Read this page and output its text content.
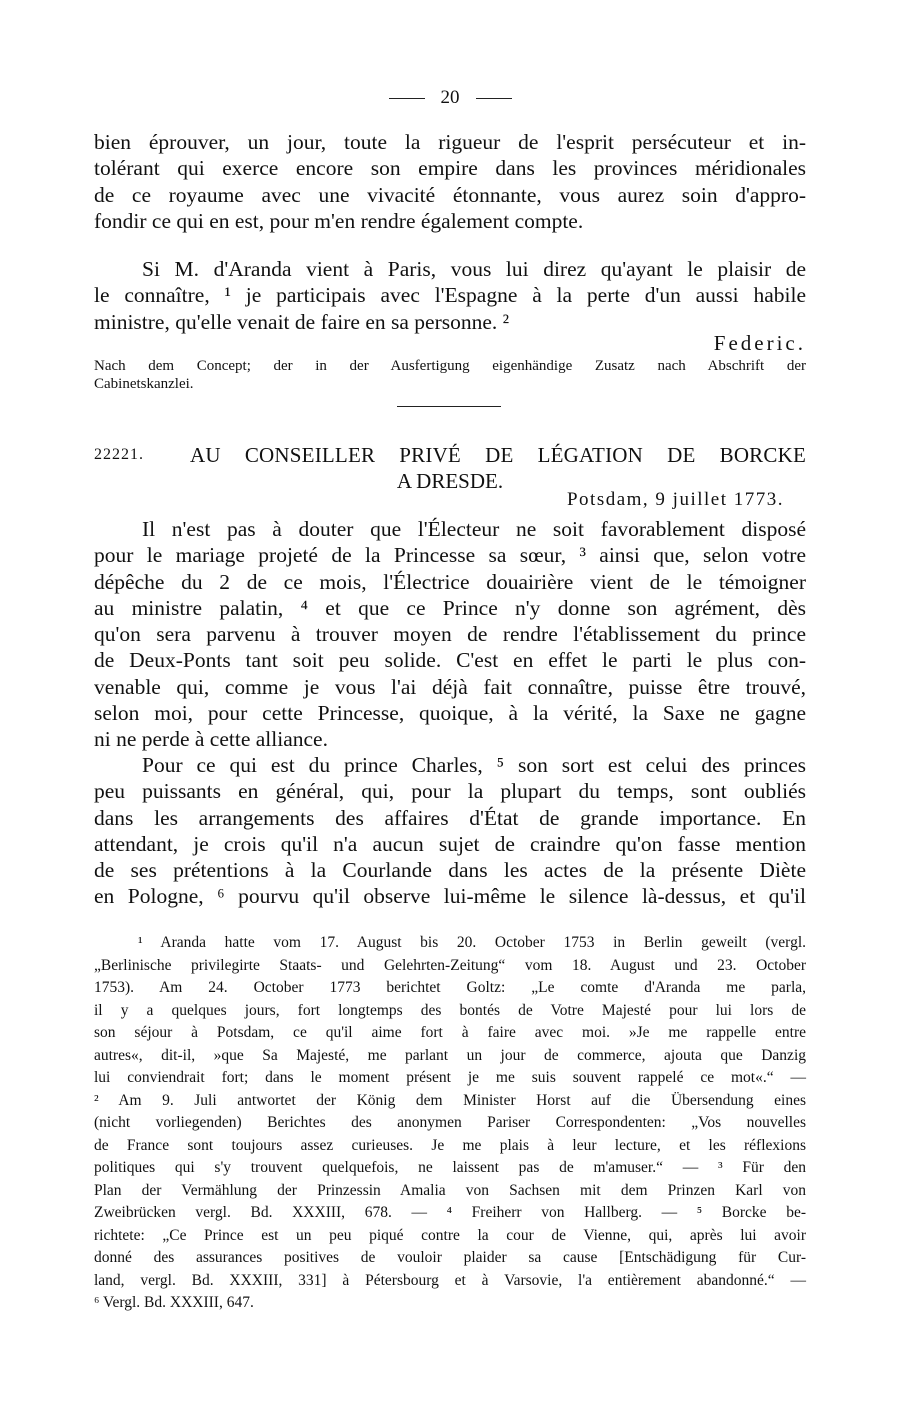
20
bien éprouver, un jour, toute la rigueur de l'esprit persécuteur et in-
tolérant qui exerce encore son empire dans les provinces méridionales
de ce royaume avec une vivacité étonnante, vous aurez soin d'appro-
fondir ce qui en est, pour m'en rendre également compte.
Si M. d'Aranda vient à Paris, vous lui direz qu'ayant le plaisir de
le connaître, ¹ je participais avec l'Espagne à la perte d'un aussi habile
ministre, qu'elle venait de faire en sa personne. ²
Federic.
Nach dem Concept; der in der Ausfertigung eigenhändige Zusatz nach Abschrift der
Cabinetskanzlei.
22221. AU CONSEILLER PRIVÉ DE LÉGATION DE BORCKE
A DRESDE.
Potsdam, 9 juillet 1773.
Il n'est pas à douter que l'Électeur ne soit favorablement disposé
pour le mariage projeté de la Princesse sa sœur, ³ ainsi que, selon votre
dépêche du 2 de ce mois, l'Électrice douairière vient de le témoigner
au ministre palatin, ⁴ et que ce Prince n'y donne son agrément, dès
qu'on sera parvenu à trouver moyen de rendre l'établissement du prince
de Deux-Ponts tant soit peu solide. C'est en effet le parti le plus con-
venable qui, comme je vous l'ai déjà fait connaître, puisse être trouvé,
selon moi, pour cette Princesse, quoique, à la vérité, la Saxe ne gagne
ni ne perde à cette alliance.
Pour ce qui est du prince Charles, ⁵ son sort est celui des princes
peu puissants en général, qui, pour la plupart du temps, sont oubliés
dans les arrangements des affaires d'État de grande importance. En
attendant, je crois qu'il n'a aucun sujet de craindre qu'on fasse mention
de ses prétentions à la Courlande dans les actes de la présente Diète
en Pologne, ⁶ pourvu qu'il observe lui-même le silence là-dessus, et qu'il
¹ Aranda hatte vom 17. August bis 20. October 1753 in Berlin geweilt (vergl.
„Berlinische privilegirte Staats- und Gelehrten-Zeitung“ vom 18. August und 23. October
1753). Am 24. October 1773 berichtet Goltz: „Le comte d'Aranda me parla,
il y a quelques jours, fort longtemps des bontés de Votre Majesté pour lui lors de
son séjour à Potsdam, ce qu'il aime fort à faire avec moi. »Je me rappelle entre
autres«, dit-il, »que Sa Majesté, me parlant un jour de commerce, ajouta que Danzig
lui conviendrait fort; dans le moment présent je me suis souvent rappelé ce mot«.“ —
² Am 9. Juli antwortet der König dem Minister Horst auf die Übersendung eines
(nicht vorliegenden) Berichtes des anonymen Pariser Correspondenten: „Vos nouvelles
de France sont toujours assez curieuses. Je me plais à leur lecture, et les réflexions
politiques qui s'y trouvent quelquefois, ne laissent pas de m'amuser.“ — ³ Für den
Plan der Vermählung der Prinzessin Amalia von Sachsen mit dem Prinzen Karl von
Zweibrücken vergl. Bd. XXXIII, 678. — ⁴ Freiherr von Hallberg. — ⁵ Borcke be-
richtete: „Ce Prince est un peu piqué contre la cour de Vienne, qui, après lui avoir
donné des assurances positives de vouloir plaider sa cause [Entschädigung für Cur-
land, vergl. Bd. XXXIII, 331] à Pétersbourg et à Varsovie, l'a entièrement abandonné.“ —
⁶ Vergl. Bd. XXXIII, 647.
